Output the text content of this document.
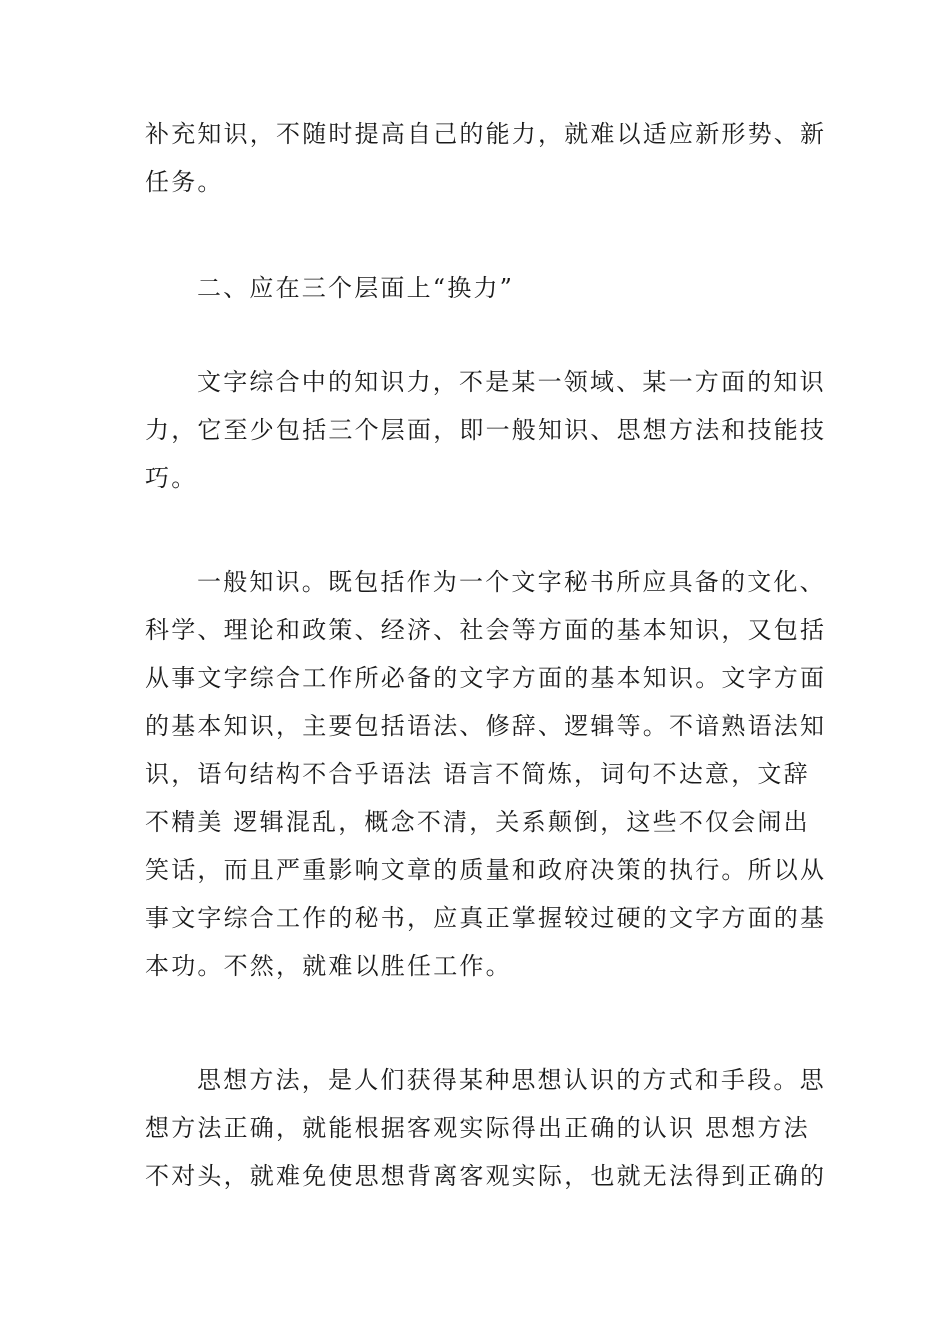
补充知识，不随时提高自己的能力，就难以适应新形势、新
任务。

二、应在三个层面上“换力”

文字综合中的知识力，不是某一领域、某一方面的知识
力，它至少包括三个层面，即一般知识、思想方法和技能技
巧。
一般知识。既包括作为一个文字秘书所应具备的文化、
科学、理论和政策、经济、社会等方面的基本知识，又包括
从事文字综合工作所必备的文字方面的基本知识。文字方面
的基本知识，主要包括语法、修辞、逻辑等。不谙熟语法知
识，语句结构不合乎语法 语言不简炼，词句不达意，文辞
不精美 逻辑混乱，概念不清，关系颠倒，这些不仅会闹出
笑话，而且严重影响文章的质量和政府决策的执行。所以从
事文字综合工作的秘书，应真正掌握较过硬的文字方面的基
本功。不然，就难以胜任工作。
思想方法，是人们获得某种思想认识的方式和手段。思
想方法正确，就能根据客观实际得出正确的认识 思想方法
不对头，就难免使思想背离客观实际，也就无法得到正确的
